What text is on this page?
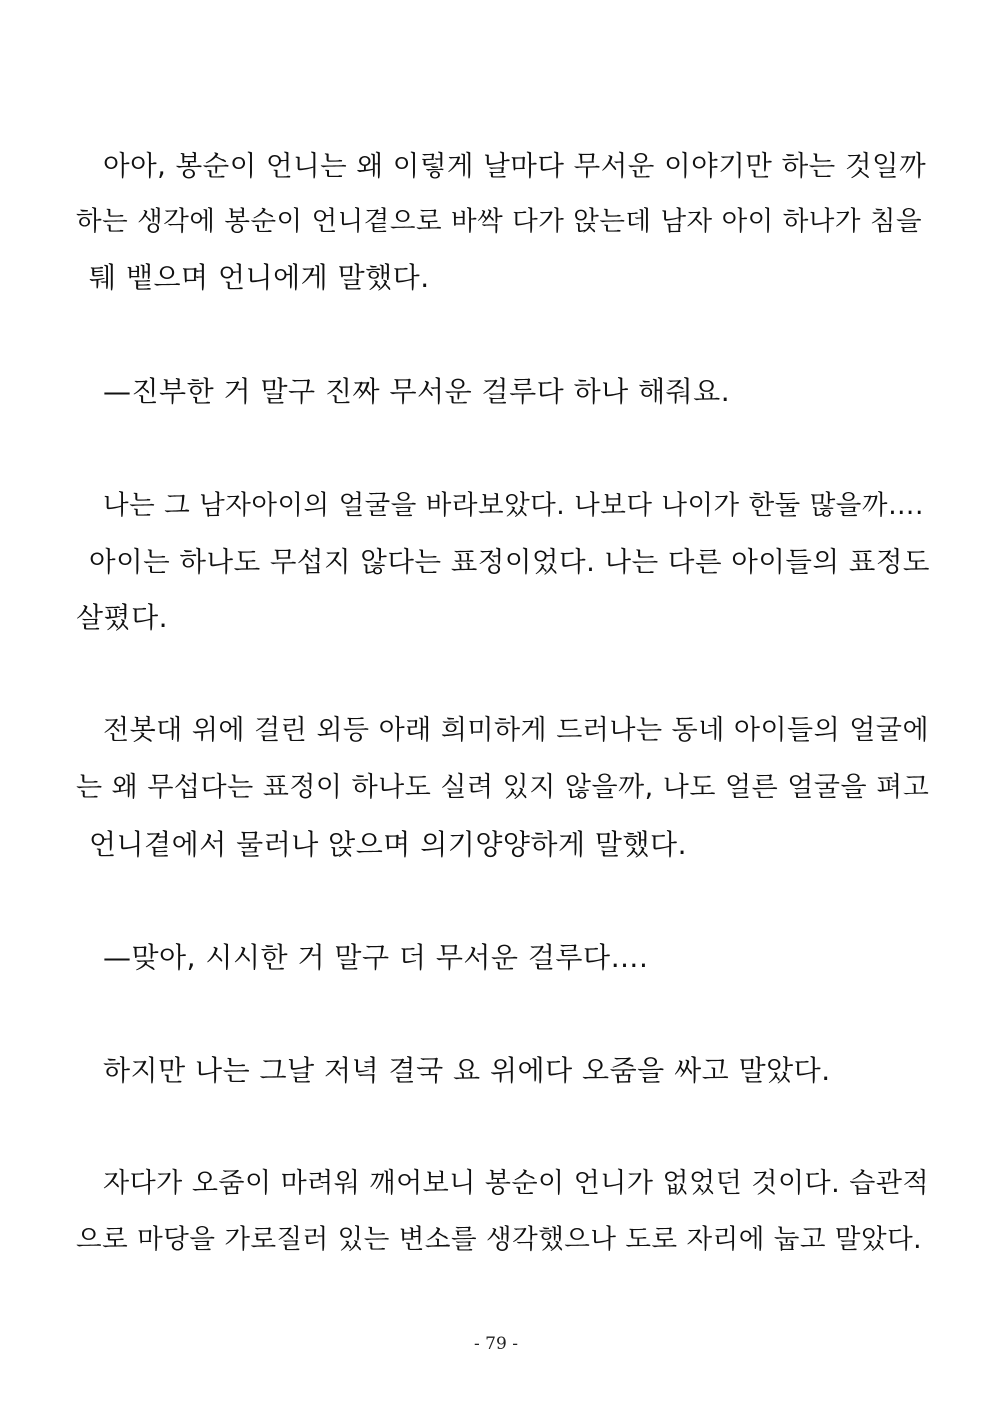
아아, 봉순이 언니는 왜 이렇게 날마다 무서운 이야기만 하는 것일까
하는 생각에 봉순이 언니곁으로 바싹 다가 앉는데 남자 아이 하나가 침을
퉤 뱉으며 언니에게 말했다.
—진부한 거 말구 진짜 무서운 걸루다 하나 해줘요.
나는 그 남자아이의 얼굴을 바라보았다. 나보다 나이가 한둘 많을까….
아이는 하나도 무섭지 않다는 표정이었다. 나는 다른 아이들의 표정도
살폈다.
전봇대 위에 걸린 외등 아래 희미하게 드러나는 동네 아이들의 얼굴에
는 왜 무섭다는 표정이 하나도 실려 있지 않을까, 나도 얼른 얼굴을 펴고
언니곁에서 물러나 앉으며 의기양양하게 말했다.
—맞아, 시시한 거 말구 더 무서운 걸루다….
하지만 나는 그날 저녁 결국 요 위에다 오줌을 싸고 말았다.
자다가 오줌이 마려워 깨어보니 봉순이 언니가 없었던 것이다. 습관적
으로 마당을 가로질러 있는 변소를 생각했으나 도로 자리에 눕고 말았다.
- 79 -
